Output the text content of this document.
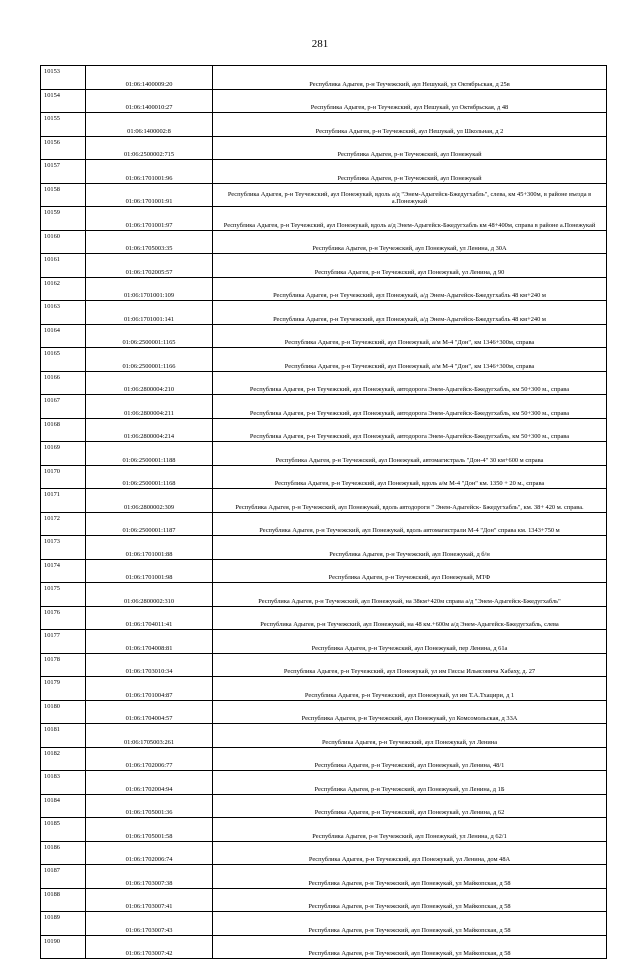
281
10153	01:06:1400009:20	Республика Адыгея, р-н Теучежский, аул Нешукай, ул Октябрьская, д 25в
10154	01:06:1400010:27	Республика Адыгея, р-н Теучежский, аул Нешукай, ул Октябрьская, д 48
10155	01:06:1400002:8	Республика Адыгея, р-н Теучежский, аул Нешукай, ул Школьная, д 2
10156	01:06:2500002:715	Республика Адыгея, р-н Теучежский, аул Понежукай
10157	01:06:1701001:96	Республика Адыгея, р-н Теучежский, аул Понежукай
10158	01:06:1701001:91	Республика Адыгея, р-н Теучежский, аул Понежукай, вдоль а/д "Энем-Адыгейск-Бжедугхабль", слева, км 45+300м, в районе въезда в а.Понежукай
10159	01:06:1701001:97	Республика Адыгея, р-н Теучежский, аул Понежукай, вдоль а/д Энем-Адыгейск-Бжедугхабль км 48+400м, справа в районе а.Понежукай
10160	01:06:1705003:35	Республика Адыгея, р-н Теучежский, аул Понежукай, ул Ленина, д 30А
10161	01:06:1702005:57	Республика Адыгея, р-н Теучежский, аул Понежукай, ул Ленина, д 90
10162	01:06:1701001:109	Республика Адыгея, р-н Теучежский, аул Понежукай, а/д Энем-Адыгейск-Бжедугхабль 48 км+240 м
10163	01:06:1701001:141	Республика Адыгея, р-н Теучежский, аул Понежукай, а/д Энем-Адыгейск-Бжедугхабль 48 км+240 м
10164	01:06:2500001:1165	Республика Адыгея, р-н Теучежский, аул Понежукай, а/м М-4 "Дон", км 1346+300м, справа
10165	01:06:2500001:1166	Республика Адыгея, р-н Теучежский, аул Понежукай, а/м М-4 "Дон", км 1346+300м, справа
10166	01:06:2800004:210	Республика Адыгея, р-н Теучежский, аул Понежукай, автодорога Энем-Адыгейск-Бжедугхабль, км 50+300 м., справа
10167	01:06:2800004:211	Республика Адыгея, р-н Теучежский, аул Понежукай, автодорога Энем-Адыгейск-Бжедугхабль, км 50+300 м., справа
10168	01:06:2800004:214	Республика Адыгея, р-н Теучежский, аул Понежукай, автодорога Энем-Адыгейск-Бжедугхабль, км 50+300 м., справа
10169	01:06:2500001:1188	Республика Адыгея, р-н Теучежский, аул Понежукай, автомагистраль "Дон-4" 30 км+600 м справа
10170	01:06:2500001:1168	Республика Адыгея, р-н Теучежский, аул Понежукай, вдоль а/м М-4 "Дон" км. 1350 + 20 м., справа
10171	01:06:2800002:309	Республика Адыгея, р-н Теучежский, аул Понежукай, вдоль автодороги " Энем-Адыгейск- Бжедугхабль", км. 38+ 420 м. справа.
10172	01:06:2500001:1187	Республика Адыгея, р-н Теучежский, аул Понежукай, вдоль автомагистрали М-4 "Дон" справа км. 1343+750 м
10173	01:06:1701001:88	Республика Адыгея, р-н Теучежский, аул Понежукай, д б/н
10174	01:06:1701001:98	Республика Адыгея, р-н Теучежский, аул Понежукай, МТФ
10175	01:06:2800002:310	Республика Адыгея, р-н Теучежский, аул Понежукай, на 38км+420м справа а/д "Энем-Адыгейск-Бжедугхабль"
10176	01:06:1704011:41	Республика Адыгея, р-н Теучежский, аул Понежукай, на 48 км.+600м а/д Энем-Адыгейск-Бжедугхабль, слева
10177	01:06:1704008:81	Республика Адыгея, р-н Теучежский, аул Понежукай, пер Ленина, д 61а
10178	01:06:1703010:34	Республика Адыгея, р-н Теучежский, аул Понежукай, ул им Гиссы Ильясовича Хабаху, д. 27
10179	01:06:1701004:87	Республика Адыгея, р-н Теучежский, аул Понежукай, ул им Т.А.Тхацири, д 1
10180	01:06:1704004:57	Республика Адыгея, р-н Теучежский, аул Понежукай, ул Комсомольская, д 33А
10181	01:06:1705003:261	Республика Адыгея, р-н Теучежский, аул Понежукай, ул Ленина
10182	01:06:1702006:77	Республика Адыгея, р-н Теучежский, аул Понежукай, ул Ленина, 48/1
10183	01:06:1702004:94	Республика Адыгея, р-н Теучежский, аул Понежукай, ул Ленина, д 1Б
10184	01:06:1705001:36	Республика Адыгея, р-н Теучежский, аул Понежукай, ул Ленина, д 62
10185	01:06:1705001:58	Республика Адыгея, р-н Теучежский, аул Понежукай, ул Ленина, д 62/1
10186	01:06:1702006:74	Республика Адыгея, р-н Теучежский, аул Понежукай, ул Ленина, дом 48А
10187	01:06:1703007:38	Республика Адыгея, р-н Теучежский, аул Понежукай, ул Майкопская, д 58
10188	01:06:1703007:41	Республика Адыгея, р-н Теучежский, аул Понежукай, ул Майкопская, д 58
10189	01:06:1703007:43	Республика Адыгея, р-н Теучежский, аул Понежукай, ул Майкопская, д 58
10190	01:06:1703007:42	Республика Адыгея, р-н Теучежский, аул Понежукай, ул Майкопская, д 58
